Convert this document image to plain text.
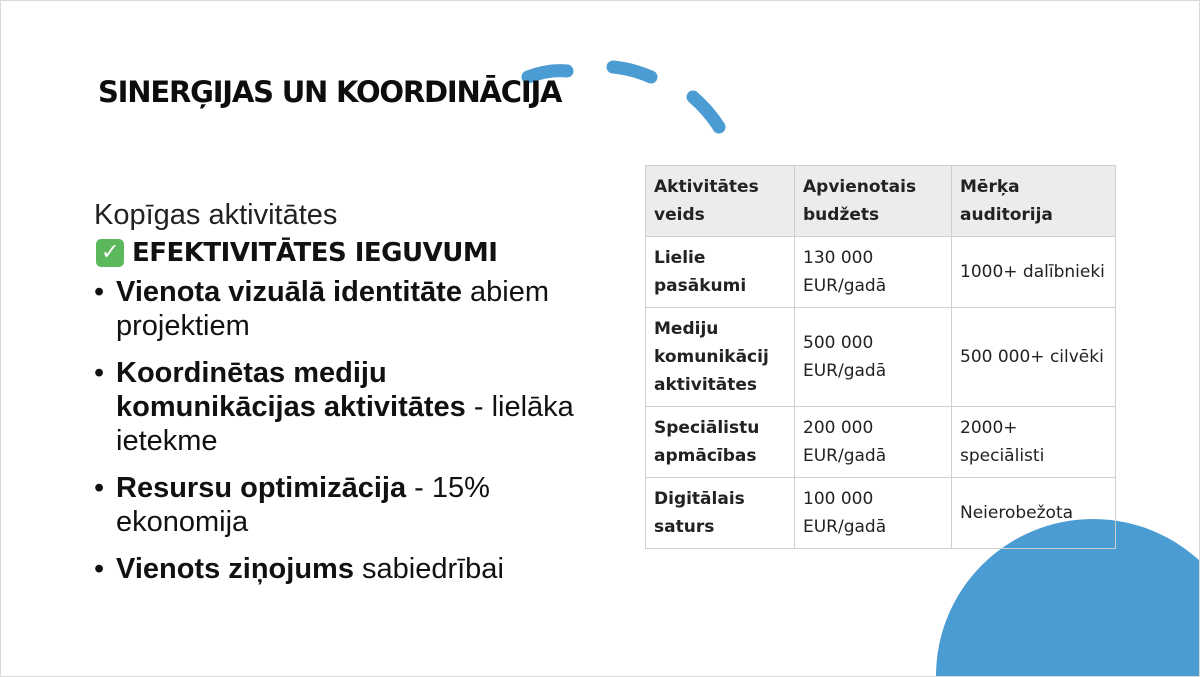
SINERĢIJAS UN KOORDINĀCIJA
Kopīgas aktivitātes
✓ EFEKTIVITĀTES IEGUVUMI
• Vienota vizuālā identitāte abiem projektiem
• Koordinētas mediju komunikācijas aktivitātes - lielāka ietekme
• Resursu optimizācija - 15% ekonomija
• Vienots ziņojums sabiedrībai
Aktivitātes veids	Apvienotais budžets	Mērķa auditorija
Lielie pasākumi	130 000 EUR/gadā	1000+ dalībnieki
Mediju komunikācij aktivitātes	500 000 EUR/gadā	500 000+ cilvēki
Speciālistu apmācības	200 000 EUR/gadā	2000+ speciālisti
Digitālais saturs	100 000 EUR/gadā	Neierobežota
